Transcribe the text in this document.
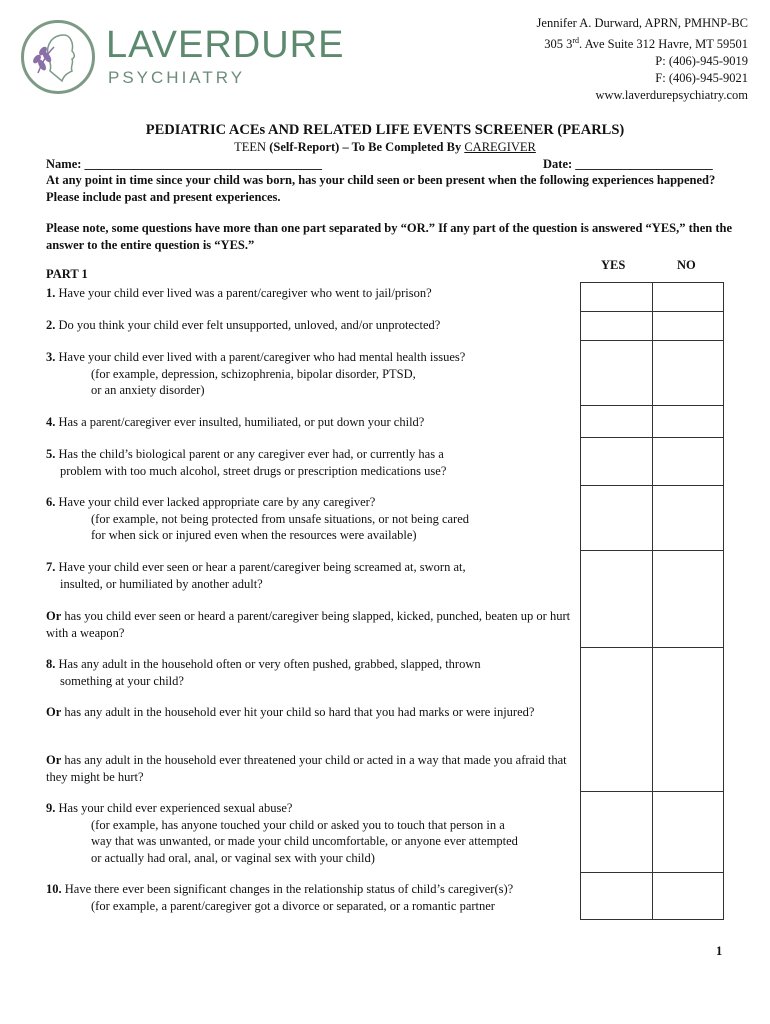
LAVERDURE
PSYCHIATRY
Jennifer A. Durward, APRN, PMHNP-BC
305 3rd. Ave Suite 312 Havre, MT 59501
P: (406)-945-9019
F: (406)-945-9021
www.laverdurepsychiatry.com
PEDIATRIC ACEs AND RELATED LIFE EVENTS SCREENER (PEARLS)
TEEN (Self-Report) – To Be Completed By CAREGIVER
Name: ______________________________________	Date: ______________________
At any point in time since your child was born, has your child seen or been present when the following experiences happened? Please include past and present experiences.
Please note, some questions have more than one part separated by “OR.” If any part of the question is answered “YES,” then the answer to the entire question is “YES.”
YES	NO
PART 1
1. Have your child ever lived was a parent/caregiver who went to jail/prison?
2. Do you think your child ever felt unsupported, unloved, and/or unprotected?
3. Have your child ever lived with a parent/caregiver who had mental health issues?
(for example, depression, schizophrenia, bipolar disorder, PTSD,
or an anxiety disorder)
4. Has a parent/caregiver ever insulted, humiliated, or put down your child?
5. Has the child’s biological parent or any caregiver ever had, or currently has a
problem with too much alcohol, street drugs or prescription medications use?
6. Have your child ever lacked appropriate care by any caregiver?
(for example, not being protected from unsafe situations, or not being cared
for when sick or injured even when the resources were available)
7. Have your child ever seen or hear a parent/caregiver being screamed at, sworn at,
insulted, or humiliated by another adult?
Or has you child ever seen or heard a parent/caregiver being slapped, kicked, punched, beaten up or hurt with a weapon?
8. Has any adult in the household often or very often pushed, grabbed, slapped, thrown
something at your child?
Or has any adult in the household ever hit your child so hard that you had marks or were injured?
Or has any adult in the household ever threatened your child or acted in a way that made you afraid that they might be hurt?
9. Has your child ever experienced sexual abuse?
(for example, has anyone touched your child or asked you to touch that person in a
way that was unwanted, or made your child uncomfortable, or anyone ever attempted
or actually had oral, anal, or vaginal sex with your child)
10. Have there ever been significant changes in the relationship status of child’s caregiver(s)?
(for example, a parent/caregiver got a divorce or separated, or a romantic partner

1
